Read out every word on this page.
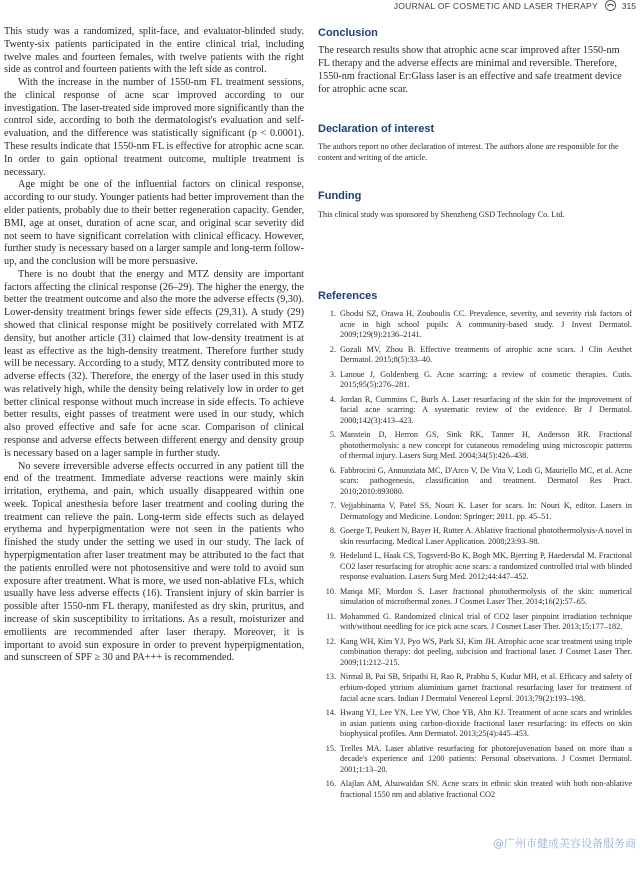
JOURNAL OF COSMETIC AND LASER THERAPY	315

This study was a randomized, split-face, and evaluator-blinded study. Twenty-six patients participated in the entire clinical trial, including twelve males and fourteen females, with twelve patients with the right side as control and fourteen patients with the left side as control.

With the increase in the number of 1550-nm FL treatment sessions, the clinical response of acne scar improved according to our investigation. The laser-treated side improved more significantly than the control side, according to both the dermatologist's evaluation and self-evaluation, and the difference was statistically significant (p < 0.0001). These results indicate that 1550-nm FL is effective for atrophic acne scar. In order to gain optional treatment outcome, multiple treatment is necessary.

Age might be one of the influential factors on clinical response, according to our study. Younger patients had better improvement than the elder patients, probably due to their better regeneration capacity. Gender, BMI, age at onset, duration of acne scar, and original scar severity did not seem to have significant correlation with clinical efficacy. However, further study is necessary based on a larger sample and long-term follow-up, and the conclusion will be more persuasive.

There is no doubt that the energy and MTZ density are important factors affecting the clinical response (26–29). The higher the energy, the better the treatment outcome and also the more the adverse effects (9,30). Lower-density treatment brings fewer side effects (29,31). A study (29) showed that clinical response might be positively correlated with MTZ density, but another article (31) claimed that low-density treatment is at least as effective as the high-density treatment. Therefore further study will be necessary. According to a study, MTZ density contributed more to adverse effects (32). Therefore, the energy of the laser used in this study was relatively high, while the density being relatively low in order to get better clinical response without much increase in side effects. To achieve better results, eight passes of treatment were used in our study, which also proved effective and safe for acne scar. Comparison of clinical response and adverse effects between different energy and density group is necessary based on a lager sample in further study.

No severe irreversible adverse effects occurred in any patient till the end of the treatment. Immediate adverse reactions were mainly skin irritation, erythema, and pain, which usually disappeared within one week. Topical anesthesia before laser treatment and cooling during the treatment can relieve the pain. Long-term side effects such as delayed erythema and hyperpigmentation were not seen in the patients who finished the study under the setting we used in our study. The lack of hyperpigmentation after laser treatment may be attributed to the fact that the patients enrolled were not photosensitive and were told to avoid sun exposure after treatment. What is more, we used non-ablative FLs, which usually have less adverse effects (16). Transient injury of skin barrier is possible after 1550-nm FL therapy, manifested as dry skin, pruritus, and increase of skin susceptibility to irritations. As a result, moisturizer and emollients are recommended after laser therapy. Moreover, it is important to avoid sun exposure in order to prevent hyperpigmentation, and sunscreen of SPF ≥ 30 and PA+++ is recommended.

Conclusion

The research results show that atrophic acne scar improved after 1550-nm FL therapy and the adverse effects are minimal and reversible. Therefore, 1550-nm fractional Er:Glass laser is an effective and safe treatment device for atrophic acne scar.

Declaration of interest

The authors report no other declaration of interest. The authors alone are responsible for the content and writing of the article.

Funding

This clinical study was sponsored by Shenzheng GSD Technology Co. Ltd.

References
1. Ghodsi SZ, Orawa H, Zouboulis CC. Prevalence, severity, and severity risk factors of acne in high school pupils: A community-based study. J Invest Dermatol. 2009;129(9):2136–2141.
2. Gozali MV, Zhou B. Effective treatments of atrophic acne scars. J Clin Aesthet Dermatol. 2015;8(5):33–40.
3. Lanoue J, Goldenberg G. Acne scarring: a review of cosmetic therapies. Cutis. 2015;95(5):276–281.
4. Jordan R, Cummins C, Burls A. Laser resurfacing of the skin for the improvement of facial acne scarring: A systematic review of the evidence. Br J Dermatol. 2000;142(3):413–423.
5. Manstein D, Herron GS, Sink RK, Tanner H, Anderson RR. Fractional photothermolysis: a new concept for cutaneous remodeling using microscopic patterns of thermal injury. Lasers Surg Med. 2004;34(5):426–438.
6. Fabbrocini G, Annunziata MC, D'Arco V, De Vita V, Lodi G, Mauriello MC, et al. Acne scars: pathogenesis, classification and treatment. Dermatol Res Pract. 2010;2010:893080.
7. Vejjabhinanta V, Patel SS, Nouri K. Laser for scars. In: Nouri K, editor. Lasers in Dermatology and Medicine. London: Springer; 2011. pp. 45–51.
8. Goerge T, Peukert N, Bayer H, Rutter A. Ablative fractional photothermolysis-A novel in skin resurfacing. Medical Laser Application. 2008;23:93–98.
9. Hedelund L, Haak CS, Togsverd-Bo K, Bogh MK, Bjerring P, Haedersdal M. Fractional CO2 laser resurfacing for atrophic acne scars: a randomized controlled trial with blinded response evaluation. Lasers Surg Med. 2012;44:447–452.
10. Manqa MF, Mordon S. Laser fractional photothermolysis of the skin: numerical simulation of microthermal zones. J Cosmet Laser Ther. 2014;16(2):57–65.
11. Mohammed G. Randomized clinical trial of CO2 laser pinpoint irradiation technique with/without needling for ice pick acne scars. J Cosmet Laser Ther. 2013;15:177–182.
12. Kang WH, Kim YJ, Pyo WS, Park SJ, Kim JH. Atrophic acne scar treatment using triple combination therapy: dot peeling, subcision and fractional laser. J Cosmet Laser Ther. 2009;11:212–215.
13. Nirmal B, Pai SB, Sripathi H, Rao R, Prabhu S, Kudur MH, et al. Efficacy and safety of erbium-doped yttrium aluminium garnet fractional resurfacing laser for treatment of facial acne scars. Indian J Dermatol Venereol Leprol. 2013;79(2):193–198.
14. Hwang YJ, Lee YN, Lee YW, Choe YB, Ahn KJ. Treatment of acne scars and wrinkles in asian patients using carbon-dioxide fractional laser resurfacing: its effects on skin biophysical profiles. Ann Dermatol. 2013;25(4):445–453.
15. Trelles MA. Laser ablative resurfacing for photorejuvenation based on more than a decade's experience and 1200 patients: Personal observations. J Cosmet Dermatol. 2001;1:13–20.
16. Alajlan AM, Alsuwaidan SN. Acne scars in ethnic skin treated with both non-ablative fractional 1550 nm and ablative fractional CO2
@广州市健成美容设备服务商
